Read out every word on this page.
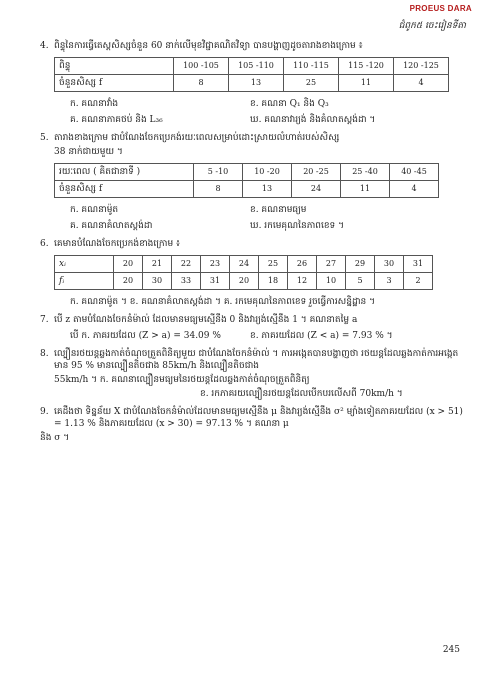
PROEUS DARA
ជំពូក៥ ចេះរៀនទីតា
4. ពិន្ទុនៃការធ្វើតេស្តសិស្សចំនួន 60 នាក់លើមុខវិជ្ជាគណិតវិទ្យា បានបង្ហាញដូចតារាងខាងក្រោម ៖
ពិន្ទុ	100 -105	105 -110	110 -115	115 -120	120 -125
ចំនួនសិស្ស f	8	13	25	11	4
ក. គណនាវាំង	ខ. គណនា Q₁ និង Q₃
គ. គណនាភាគថប់ និង L₃₆	ឃ. គណនាវារ្យង់ និងគំលាតស្តង់ដា ។
5. តារាងខាងក្រោម ជាបំណែងចែកប្រេកង់រយៈពេលសម្រាប់ដោះស្រាយលំហាត់របស់សិស្ស
38 នាក់ជាយមួយ ។
រយៈពេល ( គិតជានាទី )	5 -10	10 -20	20 -25	25 -40	40 -45
ចំនួនសិស្ស f	8	13	24	11	4
ក. គណនាម៉ូត	ខ. គណនាមធ្យម
គ. គណនាគំលាតស្តង់ដា	ឃ. រកមេគុណនៃភាពខេទ ។
6. គេមានបំណែងចែកប្រេកង់ខាងក្រោម ៖
xᵢ	20	21	22	23	24	25	26	27	29	30	31
fᵢ	20	30	33	31	20	18	12	10	5	3	2
ក. គណនាម៉ូត ។ ខ. គណនាគំលាតស្តង់ដា ។ គ. រកមេគុណនៃភាពខេទ រួចធ្វើការសន្និដ្ឋាន ។
7. បើ z តាមបំណែងចែកនំម៉ាល់ ដែលមានមធ្យមស្មើនឹង 0 និងវារ្យង់ស្មើនឹង 1 ។ គណនាតម្លៃ a
បើ ក. ភាគរយដែល (Z > a) = 34.09 %	ខ. ភាគរយដែល (Z < a) = 7.93 % ។
8. ល្បឿនរថយន្តឆ្លងកាត់ចំណុចត្រួតពិនិត្យមួយ ជាបំណែងចែកនំម៉ាល់ ។ ការអង្កេតបានបង្ហាញថា រថយន្តដែលឆ្លងកាត់ការអង្កេតមាន 95 % មានល្បឿនតិចជាង 85km/h និងល្បឿនតិចជាង
55km/h ។ ក. គណនាល្បឿនមធ្យមនៃរថយន្តដែលឆ្លងកាត់ចំណុចត្រួតពិនិត្យ
ខ. រកភាគរយល្បឿនរថយន្តដែលបើកបរលើសពី 70km/h ។
9. គេដឹងថា ទិន្នន័យ X ជាបំណែងចែកនំម៉ាល់ដែលមានមធ្យមស្មើនឹង μ និងវារ្យង់ស្មើនឹង σ² ម្យ៉ាងទៀតភាគរយដែល (x > 51) = 1.13 % និងភាគរយដែល (x > 30) = 97.13 % ។ គណនា μ
និង σ ។
245
